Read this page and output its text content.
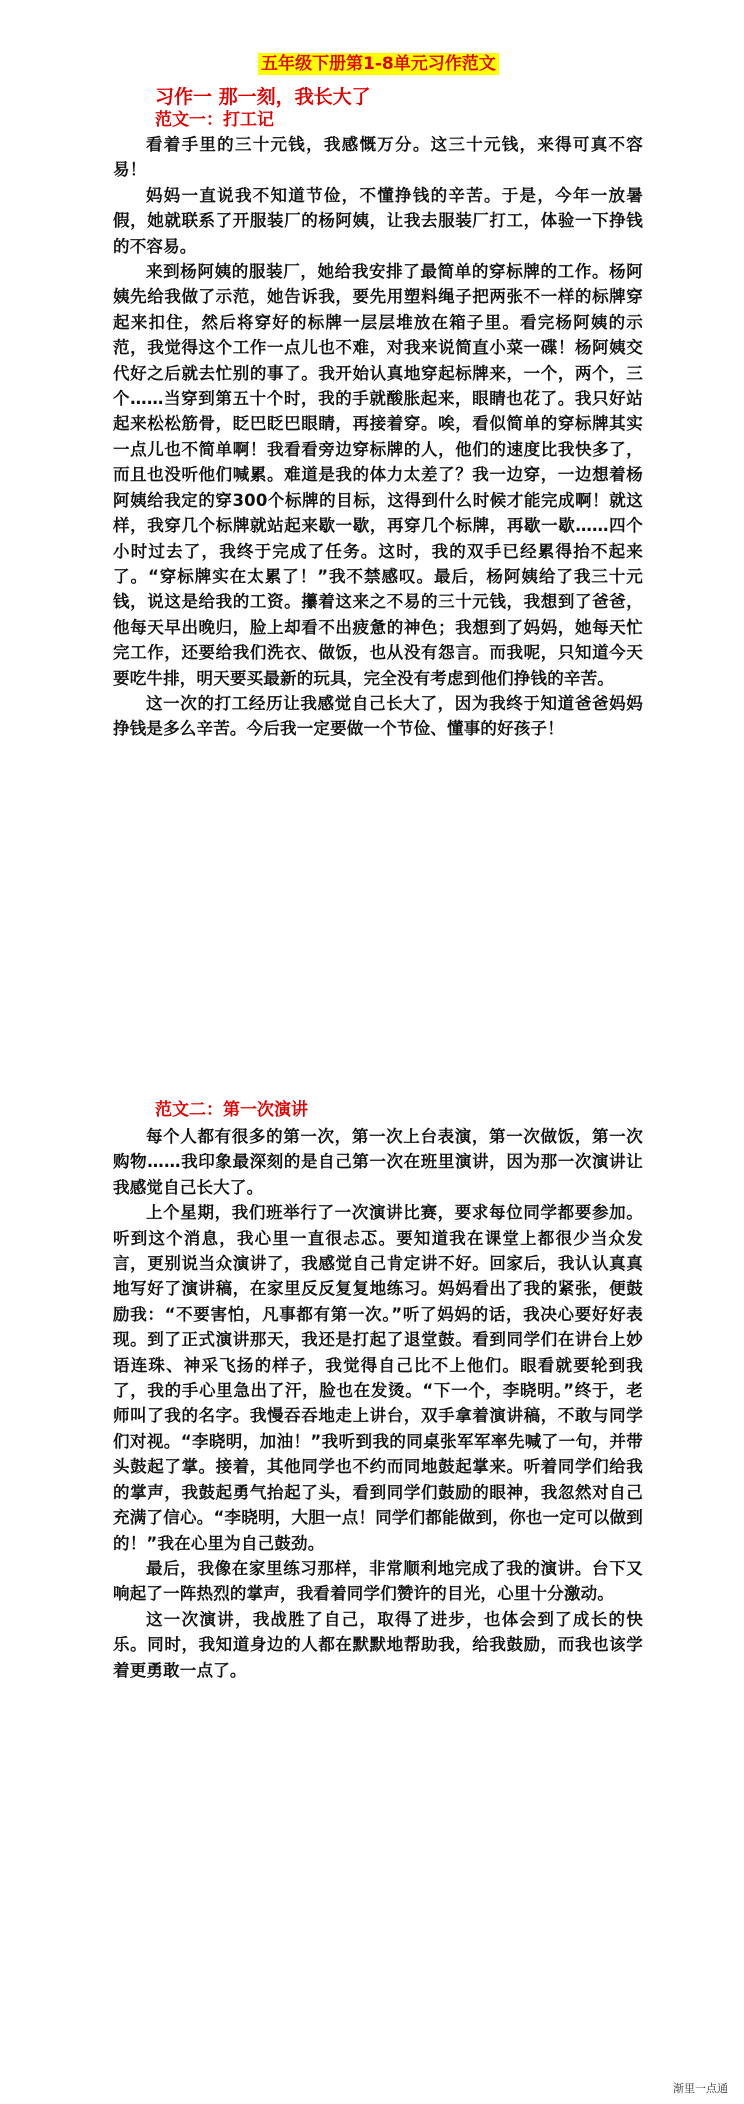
五年级下册第1-8单元习作范文
习作一 那一刻，我长大了
范文一：打工记

看着手里的三十元钱，我感慨万分。这三十元钱，来得可真不容易！

妈妈一直说我不知道节俭，不懂挣钱的辛苦。于是，今年一放暑假，她就联系了开服装厂的杨阿姨，让我去服装厂打工，体验一下挣钱的不容易。

来到杨阿姨的服装厂，她给我安排了最简单的穿标牌的工作。杨阿姨先给我做了示范，她告诉我，要先用塑料绳子把两张不一样的标牌穿起来扣住，然后将穿好的标牌一层层堆放在箱子里。看完杨阿姨的示范，我觉得这个工作一点儿也不难，对我来说简直小菜一碟！杨阿姨交代好之后就去忙别的事了。我开始认真地穿起标牌来，一个，两个，三个……当穿到第五十个时，我的手就酸胀起来，眼睛也花了。我只好站起来松松筋骨，眨巴眨巴眼睛，再接着穿。唉，看似简单的穿标牌其实一点儿也不简单啊！我看看旁边穿标牌的人，他们的速度比我快多了，而且也没听他们喊累。难道是我的体力太差了？我一边穿，一边想着杨阿姨给我定的穿300个标牌的目标，这得到什么时候才能完成啊！就这样，我穿几个标牌就站起来歇一歇，再穿几个标牌，再歇一歇……四个小时过去了，我终于完成了任务。这时，我的双手已经累得抬不起来了。“穿标牌实在太累了！”我不禁感叹。最后，杨阿姨给了我三十元钱，说这是给我的工资。攥着这来之不易的三十元钱，我想到了爸爸，他每天早出晚归，脸上却看不出疲惫的神色；我想到了妈妈，她每天忙完工作，还要给我们洗衣、做饭，也从没有怨言。而我呢，只知道今天要吃牛排，明天要买最新的玩具，完全没有考虑到他们挣钱的辛苦。

这一次的打工经历让我感觉自己长大了，因为我终于知道爸爸妈妈挣钱是多么辛苦。今后我一定要做一个节俭、懂事的好孩子！

范文二：第一次演讲

每个人都有很多的第一次，第一次上台表演，第一次做饭，第一次购物……我印象最深刻的是自己第一次在班里演讲，因为那一次演讲让我感觉自己长大了。

上个星期，我们班举行了一次演讲比赛，要求每位同学都要参加。听到这个消息，我心里一直很忐忑。要知道我在课堂上都很少当众发言，更别说当众演讲了，我感觉自己肯定讲不好。回家后，我认认真真地写好了演讲稿，在家里反反复复地练习。妈妈看出了我的紧张，便鼓励我：“不要害怕，凡事都有第一次。”听了妈妈的话，我决心要好好表现。到了正式演讲那天，我还是打起了退堂鼓。看到同学们在讲台上妙语连珠、神采飞扬的样子，我觉得自己比不上他们。眼看就要轮到我了，我的手心里急出了汗，脸也在发烫。“下一个，李晓明。”终于，老师叫了我的名字。我慢吞吞地走上讲台，双手拿着演讲稿，不敢与同学们对视。“李晓明，加油！”我听到我的同桌张军军率先喊了一句，并带头鼓起了掌。接着，其他同学也不约而同地鼓起掌来。听着同学们给我的掌声，我鼓起勇气抬起了头，看到同学们鼓励的眼神，我忽然对自己充满了信心。“李晓明，大胆一点！同学们都能做到，你也一定可以做到的！”我在心里为自己鼓劲。

最后，我像在家里练习那样，非常顺利地完成了我的演讲。台下又响起了一阵热烈的掌声，我看着同学们赞许的目光，心里十分激动。

这一次演讲，我战胜了自己，取得了进步，也体会到了成长的快乐。同时，我知道身边的人都在默默地帮助我，给我鼓励，而我也该学着更勇敢一点了。

渐里一点通
